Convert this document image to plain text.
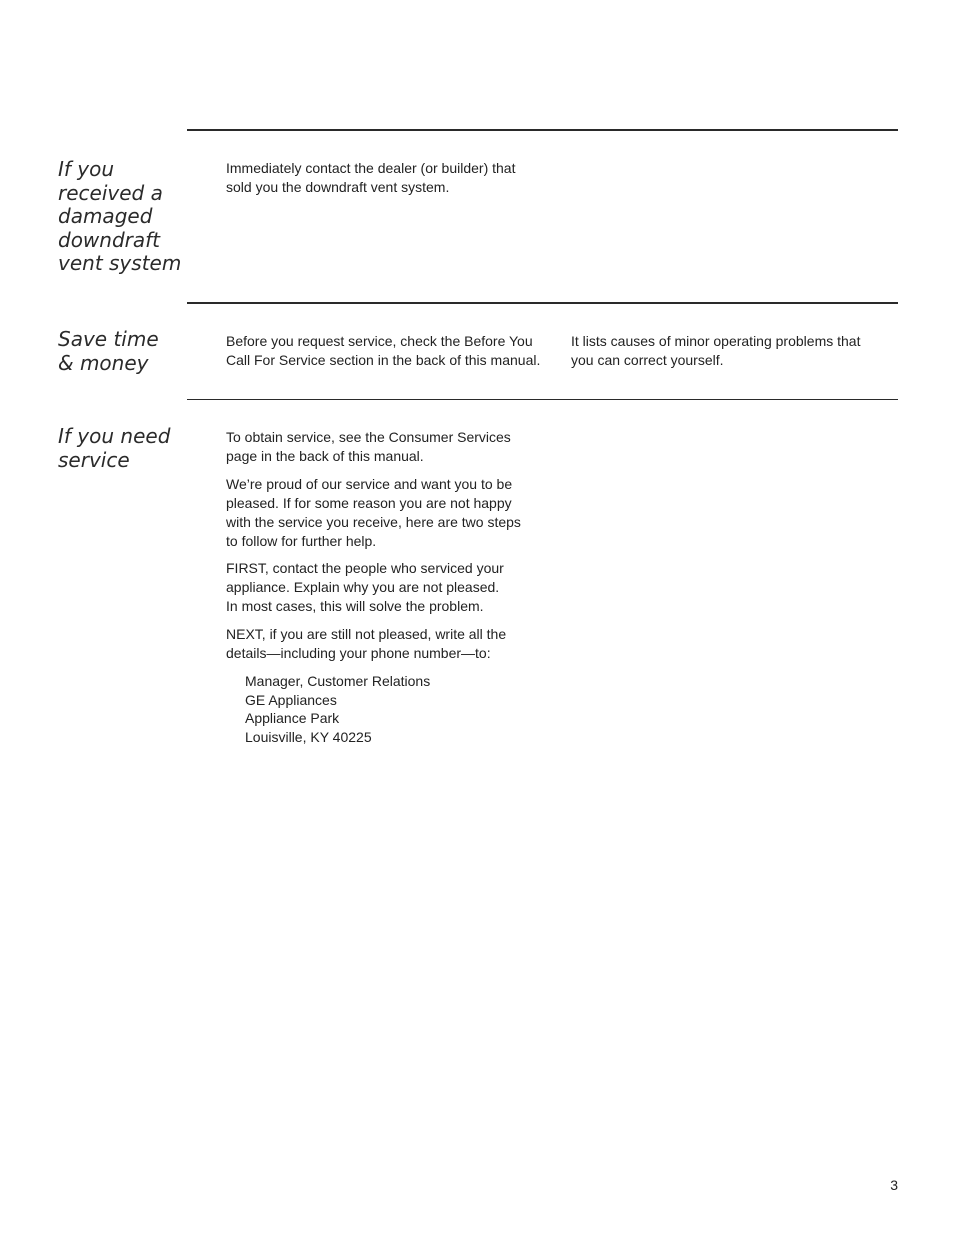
If you
received a
damaged
downdraft
vent system

Immediately contact the dealer (or builder) that
sold you the downdraft vent system.

Save time
& money

Before you request service, check the Before You
Call For Service section in the back of this manual.

It lists causes of minor operating problems that
you can correct yourself.

If you need
service

To obtain service, see the Consumer Services
page in the back of this manual.

We’re proud of our service and want you to be
pleased. If for some reason you are not happy
with the service you receive, here are two steps
to follow for further help.

FIRST, contact the people who serviced your
appliance. Explain why you are not pleased.
In most cases, this will solve the problem.

NEXT, if you are still not pleased, write all the
details—including your phone number—to:

Manager, Customer Relations
GE Appliances
Appliance Park
Louisville, KY 40225
3
